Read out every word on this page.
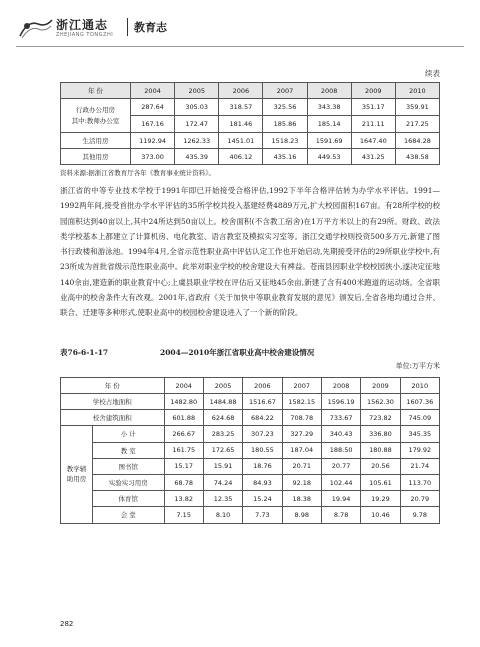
浙江通志
ZHEJIANG TONGZHI
教育志
续表
年 份	2004	2005	2006	2007	2008	2009	2010
行政办公用房
其中:教师办公室	287.64	305.03	318.57	325.56	343.38	351.17	359.91
	167.16	172.47	181.46	185.86	185.14	211.11	217.25
生活用房	1192.94	1262.33	1451.01	1518.23	1591.69	1647.40	1684.28
其他用房	373.00	435.39	406.12	435.16	449.53	431.25	438.58
资料来源:据浙江省教育厅各年《教育事业统计资料》。
浙江省的中等专业技术学校于1991年即已开始接受合格评估,1992下半年合格评估转为办学水平评估。1991—1992两年间,接受首批办学水平评估的35所学校共投入基建经费4889万元,扩大校园面积167亩。有28所学校的校园面积达到40亩以上,其中24所达到50亩以上。校舍面积(不含教工宿舍)在1万平方米以上的有29所。财政、政法类学校基本上都建立了计算机房、电化教室、语言教室及模拟实习室等。浙江交通学校则投资500多万元,新建了图书行政楼和游泳池。1994年4月,全省示范性职业高中评估认定工作也开始启动,先期接受评估的29所职业学校中,有23所成为首批省级示范性职业高中。此举对职业学校的校舍建设大有裨益。苍南县因职业学校校园狭小,遂决定征地140余亩,建造新的职业教育中心;上虞县职业学校在评估后又征地45余亩,新建了含有400米跑道的运动场。全省职业高中的校舍条件大有改观。2001年,省政府《关于加快中等职业教育发展的意见》颁发后,全省各地均通过合并、联合、迁建等多种形式,使职业高中的校园校舍建设进入了一个新的阶段。
表76-6-1-17	2004—2010年浙江省职业高中校舍建设情况
单位:万平方米
年 份		2004	2005	2006	2007	2008	2009	2010
学校占地面积		1482.80	1484.88	1516.67	1582.15	1596.19	1562.30	1607.36
校舍建筑面积		601.88	624.68	684.22	708.78	733.67	723.82	745.09
教学辅
助用房	小 计	266.67	283.25	307.23	327.29	340.43	336.80	345.35
	教 室	161.75	172.65	180.55	187.04	188.50	180.88	179.92
	图书馆	15.17	15.91	18.76	20.71	20.77	20.56	21.74
	实验实习用房	68.78	74.24	84.93	92.18	102.44	105.61	113.70
	体育馆	13.82	12.35	15.24	18.38	19.94	19.29	20.79
	会 堂	7.15	8.10	7.73	8.98	8.78	10.46	9.78
282
